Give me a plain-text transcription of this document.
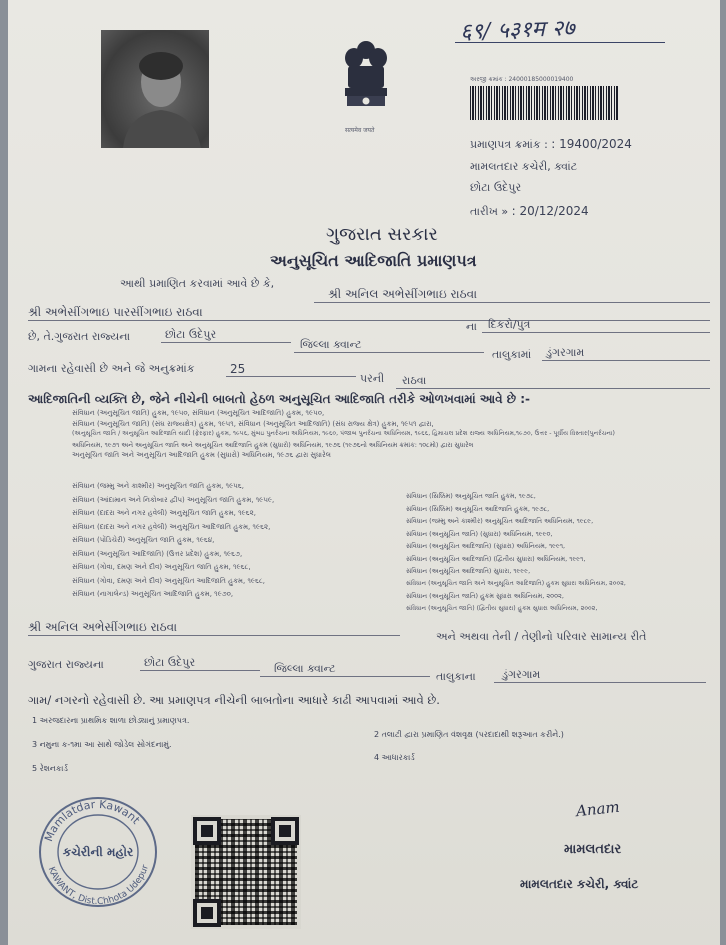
६९/ ५३१म २७
सत्यमेव जयते
અરજી ક્રમાંક : 24000185000019400
પ્રમાણપત્ર ક્રમાંક : : 19400/2024
મામલતદાર કચેરી, ક્વાંટ
છોટા ઉદેપુર
તારીખ » : 20/12/2024
ગુજરાત સરકાર
અનુસૂચિત આદિજાતિ પ્રમાણપત્ર
આથી પ્રમાણિત કરવામાં આવે છે કે,
શ્રી અનિલ અભેસીંગભાઇ રાઠવા
શ્રી અભેસીંગભાઇ પારસીંગભાઇ રાઠવા
છે, તે.ગુજરાત રાજ્યના	છોટા ઉદેપુર
જિલ્લા ક્વાન્ટ
ના	દિકરો/પુત્ર
તાલુકામાં	ડુંગરગામ
ગામના રહેવાસી છે અને જે અનુક્રમાંક	25
પરની	રાઠવા
આદિજાતિની વ્યક્તિ છે, જેને નીચેની બાબતો હેઠળ અનુસૂચિત આદિજાતિ તરીકે ઓળખવામાં આવે છે :-
સંવિધાન (અનુસૂચિત જાતિ) હુકમ, ૧૯૫૦, સંવિધાન (અનુસૂચિત આદિજાતિ) હુકમ, ૧૯૫૦,
સંવિધાન (અનુસૂચિત જાતિ) (સંઘ રાજ્યક્ષેત્ર) હુકમ, ૧૯૫૧, સંવિધાન (અનુસૂચિત આદિજાતિ) (સંઘ રાજ્ય ક્ષેત્ર) હુકમ, ૧૯૫૧ દ્વારા,
(અનુસૂચિત જાતિ / અનુસૂચિત આદિજાતિ યાદી (ફેરફાર) હુકમ, ૧૯૫૬, મુંબઇ પુનર્રચના અધિનિયમ, ૧૯૬૦, પંજાબ પુનર્રચના અધિનિયમ, ૧૯૬૬, હિમાચલ પ્રદેશ રાજ્ય અધિનિયમ,૧૯૭૦, ઉત્તર - પૂર્વીય વિસ્તાર(પુનર્રચના)
અધિનિયમ, ૧૯૭૧ અને અનુસૂચિત જાતિ અને અનુસૂચિત આદિજાતિ હુકમ (સુધારો) અધિનિયમ, ૧૯૭૬ (૧૯૭૬નો અધિનિયમ ક્રમાંક: ૧૦૮મો) દ્વારા સુધારેલ
અનુસૂચિત જાતિ અને અનુસૂચિત આદિજાતિ હુકમ (સુધારો) અધિનિયમ, ૧૯૭૬ દ્વારા સુધારેલ
સંવિધાન (જમ્મુ અને કાશ્મીર) અનુસૂચિત જાતિ હુકમ, ૧૯૫૬,
સંવિધાન (આંદામાન અને નિકોબાર દ્વીપ) અનુસૂચિત જાતિ હુકમ, ૧૯૫૯,
સંવિધાન (દાદરા અને નગર હવેલી) અનુસૂચિત જાતિ હુકમ, ૧૯૬૨,
સંવિધાન (દાદરા અને નગર હવેલી) અનુસૂચિત આદિજાતિ હુકમ, ૧૯૬૨,
સંવિધાન (પોંડિચેરી) અનુસૂચિત જાતિ હુકમ, ૧૯૬૪,
સંવિધાન (અનુસૂચિત આદિજાતિ) (ઉત્તર પ્રદેશ) હુકમ, ૧૯૬૭,
સંવિધાન (ગોવા, દમણ અને દીવ) અનુસૂચિત જાતિ હુકમ, ૧૯૬૮,
સંવિધાન (ગોવા, દમણ અને દીવ) અનુસૂચિત આદિજાતિ હુકમ, ૧૯૬૮,
સંવિધાન (નાગાલેન્ડ) અનુસૂચિત આદિજાતિ હુકમ, ૧૯૭૦,
સંવિધાન (સિક્કિમ) અનુસૂચિત જાતિ હુકમ, ૧૯૭૮,
સંવિધાન (સિક્કિમ) અનુસૂચિત આદિજાતિ હુકમ, ૧૯૭૮,
સંવિધાન (જમ્મુ અને કાશ્મીર) અનુસૂચિત આદિજાતિ અધિનિયમ, ૧૯૮૯,
સંવિધાન (અનુસૂચિત જાતિ) (સુધારા) અધિનિયમ, ૧૯૯૦,
સંવિધાન (અનુસૂચિત આદિજાતિ) (સુધારા) અધિનિયમ, ૧૯૯૧,
સંવિધાન (અનુસૂચિત આદિજાતિ) (દ્વિતીય સુધારા) અધિનિયમ, ૧૯૯૧,
સંવિધાન (અનુસૂચિત આદિજાતિ) સુધારા, ૧૯૯૯,
સંવિધાન (અનુસૂચિત જાતિ અને અનુસૂચિત આદિજાતિ) હુકમ સુધારા અધિનિયમ, ૨૦૦૨,
સંવિધાન (અનુસૂચિત જાતિ) હુકમ સુધારા અધિનિયમ, ૨૦૦૨,
સંવિધાન (અનુસૂચિત જાતિ) (દ્વિતીય સુધારા) હુકમ સુધારા અધિનિયમ, ૨૦૦૨,
શ્રી અનિલ અભેસીંગભાઇ રાઠવા
અને અથવા તેની / તેણીનો પરિવાર સામાન્ય રીતે
ગુજરાત રાજ્યના	છોટા ઉદેપુર	જિલ્લા ક્વાન્ટ
તાલુકાના	ડુંગરગામ
ગામ/ નગરનો રહેવાસી છે. આ પ્રમાણપત્ર નીચેની બાબતોના આધારે કાઢી આપવામાં આવે છે.
1 અરજદારના પ્રાથમિક શાળા છોડ્યાનું પ્રમાણપત્ર.
2 તલાટી દ્વારા પ્રમાણિત વંશવૃક્ષ (પરદાદાથી શરૂઆત કરીને.)
3 નમુના ક-૧મા આ સાથે જોડેલ સોગંદનામું.
4 આધારકાર્ડ
5 રેશનકાર્ડ
Mamlatdar Kawant
KAWANT, Dist.Chhota Udepur
કચેરીની મહોર
Anam
મામલતદાર
મામલતદાર કચેરી, ક્વાંટ
